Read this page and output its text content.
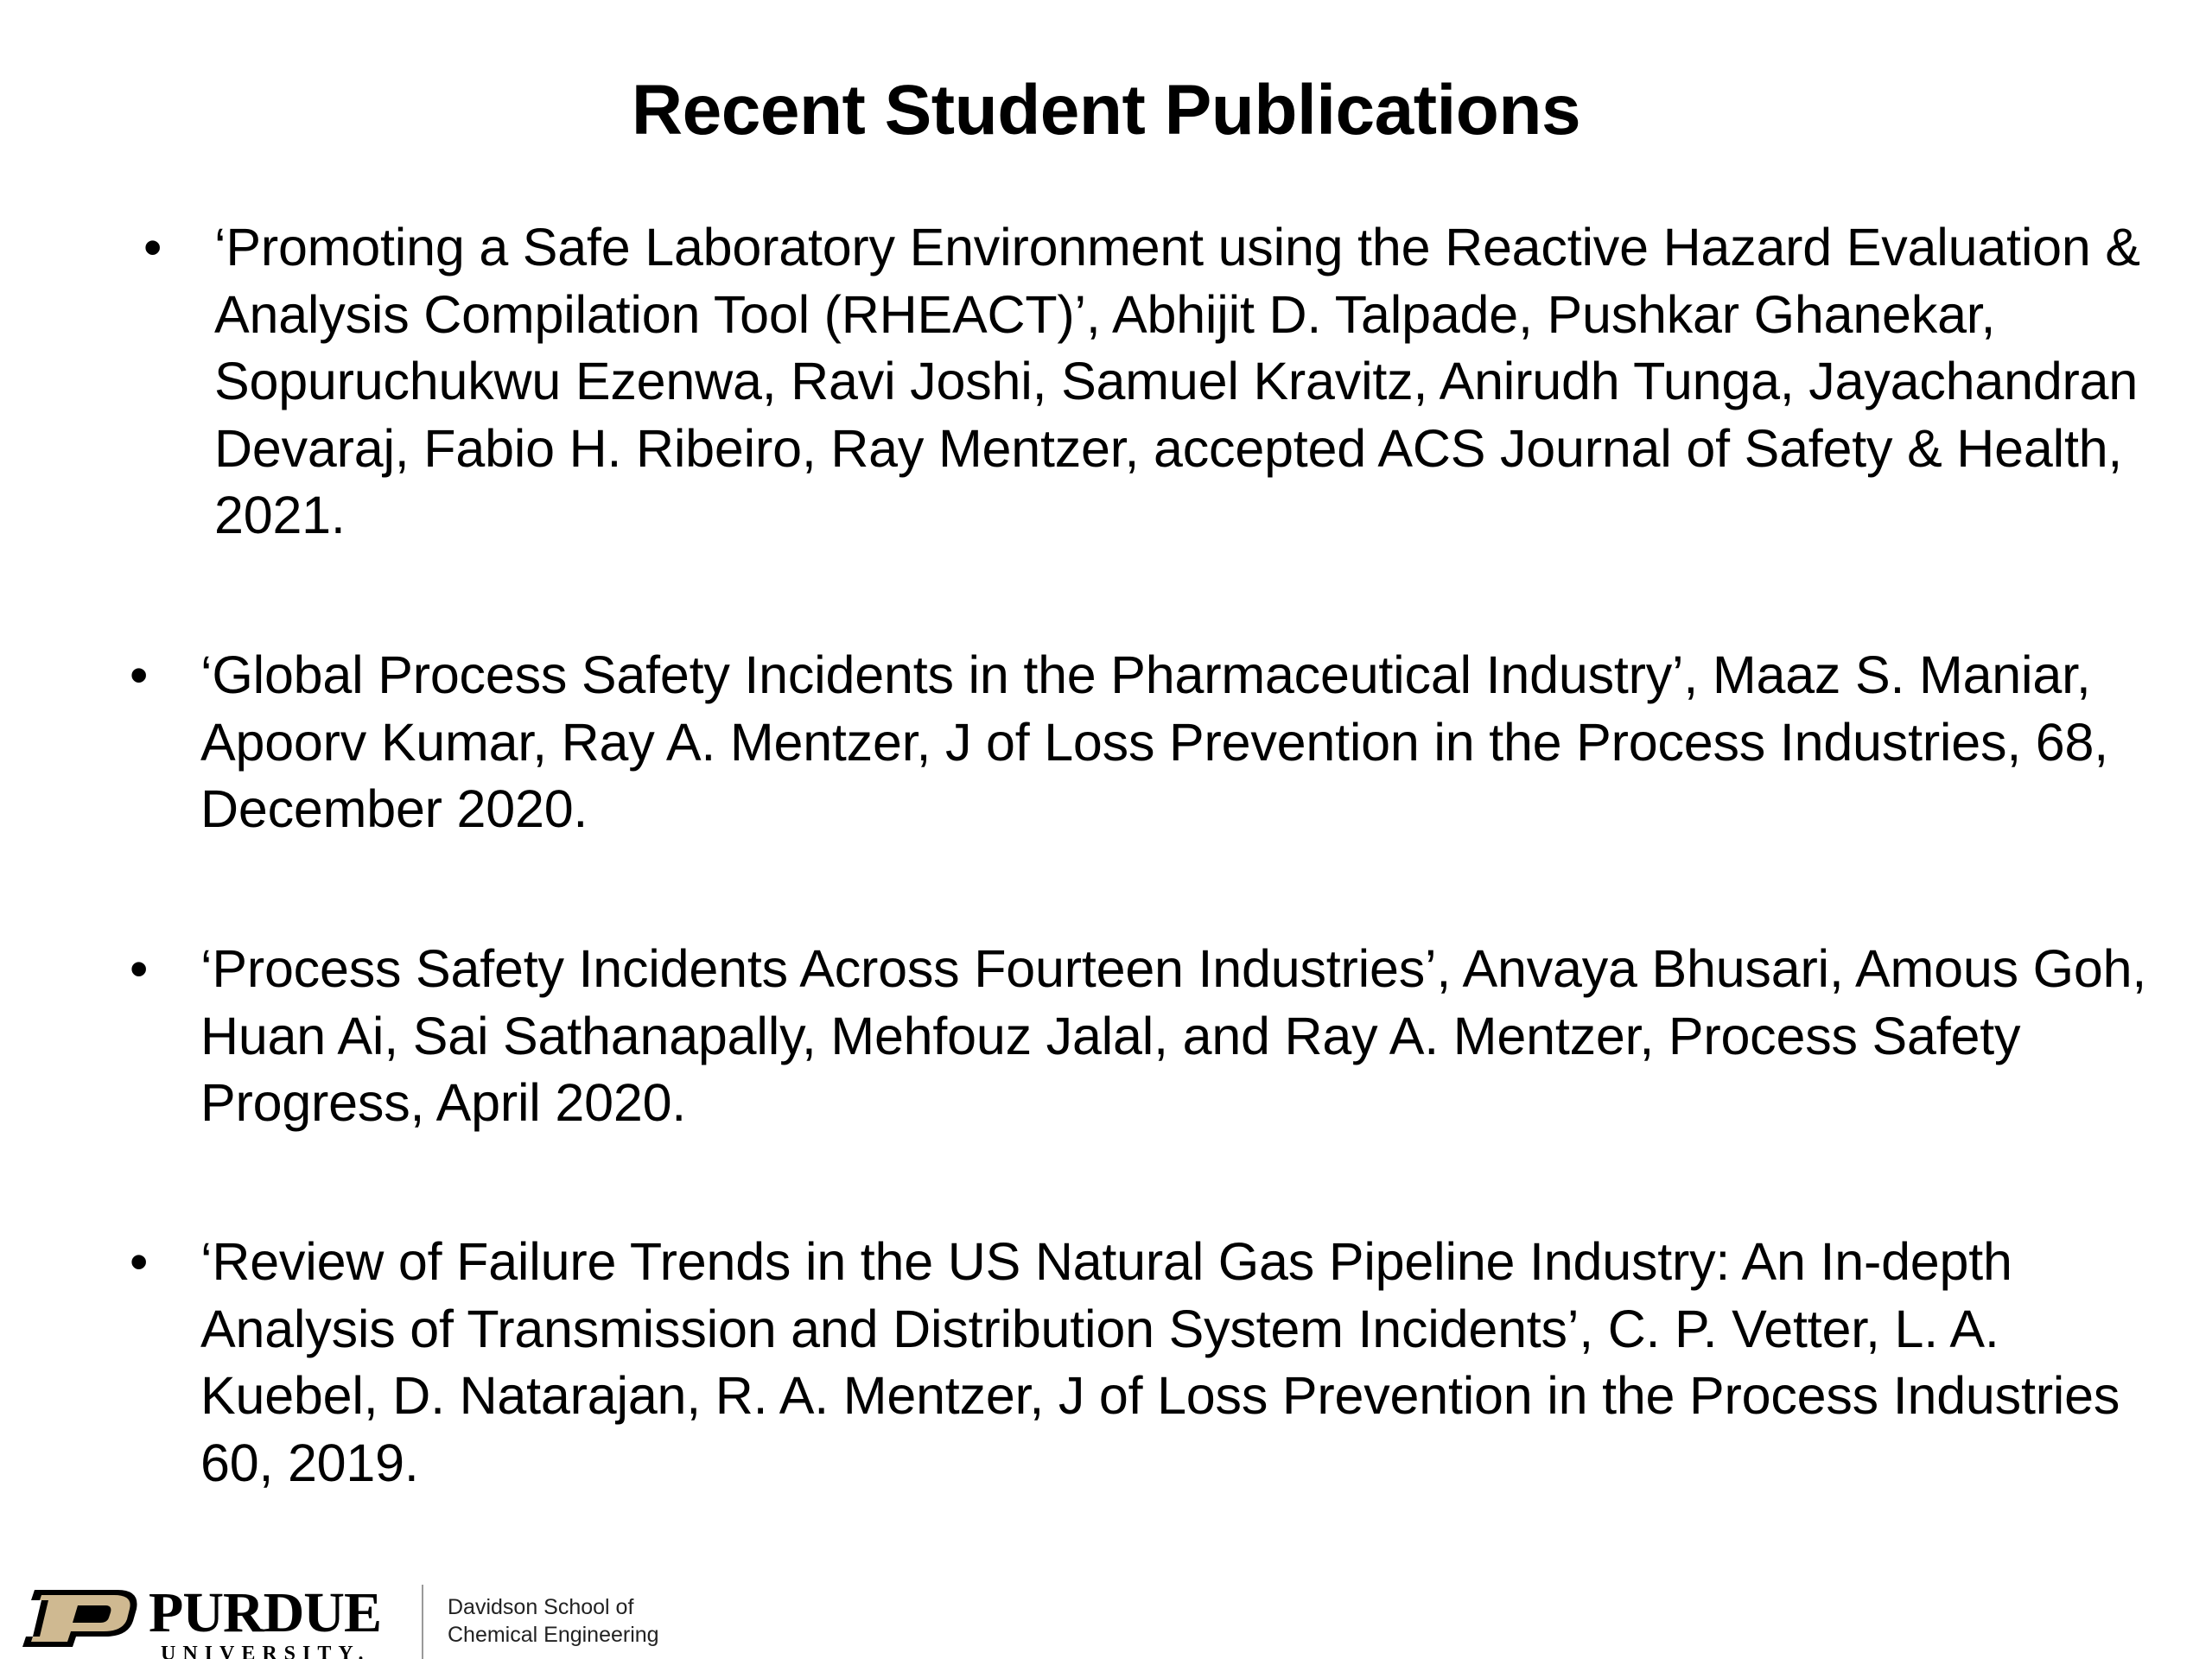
Recent Student Publications
• ‘Promoting a Safe Laboratory Environment using the Reactive Hazard Evaluation & Analysis Compilation Tool (RHEACT)’, Abhijit D. Talpade, Pushkar Ghanekar, Sopuruchukwu Ezenwa, Ravi Joshi, Samuel Kravitz, Anirudh Tunga, Jayachandran Devaraj, Fabio H. Ribeiro, Ray Mentzer, accepted ACS Journal of Safety & Health, 2021.
• ‘Global Process Safety Incidents in the Pharmaceutical Industry’, Maaz S. Maniar, Apoorv Kumar, Ray A. Mentzer, J of Loss Prevention in the Process Industries, 68, December 2020.
• ‘Process Safety Incidents Across Fourteen Industries’, Anvaya Bhusari, Amous Goh, Huan Ai, Sai Sathanapally, Mehfouz Jalal, and Ray A. Mentzer, Process Safety Progress, April 2020.
• ‘Review of Failure Trends in the US Natural Gas Pipeline Industry: An In-depth Analysis of Transmission and Distribution System Incidents’, C. P. Vetter, L. A. Kuebel, D. Natarajan, R. A. Mentzer, J of Loss Prevention in the Process Industries 60, 2019.
PURDUE
UNIVERSITY.
Davidson School of
Chemical Engineering
